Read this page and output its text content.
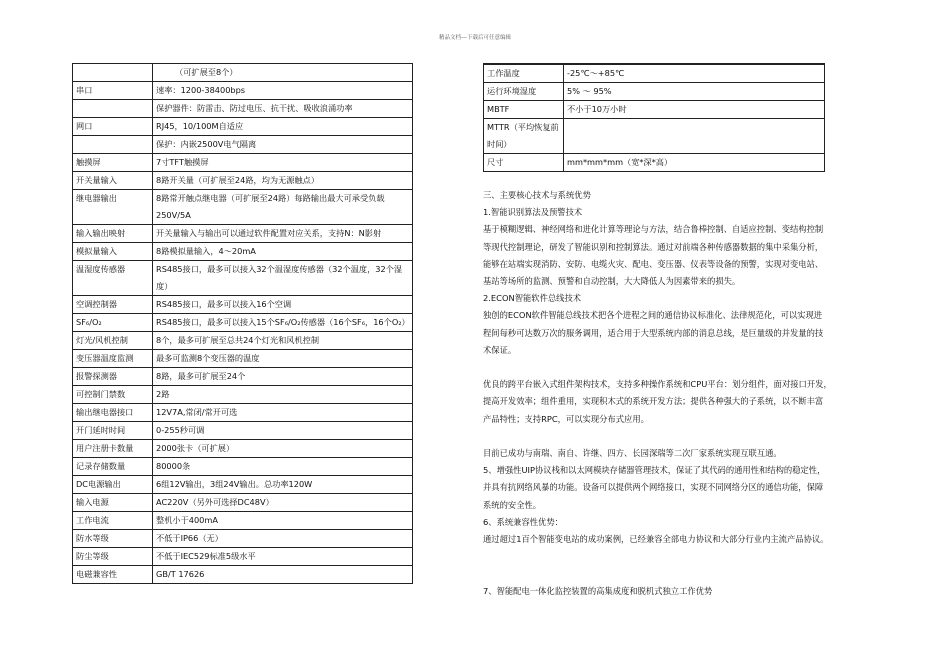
精品文档---下载后可任意编辑
	（可扩展至8个）
串口	速率：1200-38400bps
	保护器件：防雷击、防过电压、抗干扰、吸收浪涌功率
网口	RJ45，10/100M自适应
	保护：内嵌2500V电气隔离
触摸屏	7寸TFT触摸屏
开关量输入	8路开关量（可扩展至24路，均为无源触点）
继电器输出	8路常开触点继电器（可扩展至24路）每路输出最大可承受负载250V/5A
输入输出映射	开关量输入与输出可以通过软件配置对应关系，支持N：N影射
模拟量输入	8路模拟量输入，4～20mA
温湿度传感器	RS485接口，最多可以接入32个温湿度传感器（32个温度，32个湿度）
空调控制器	RS485接口，最多可以接入16个空调
SF₆/O₂	RS485接口，最多可以接入15个SF₆/O₂传感器（16个SF₆，16个O₂）
灯光/风机控制	8个，最多可扩展至总共24个灯光和风机控制
变压器温度监测	最多可监测8个变压器的温度
报警探测器	8路，最多可扩展至24个
可控制门禁数	2路
输出继电器接口	12V7A,常闭/常开可选
开门延时时间	0-255秒可调
用户注册卡数量	2000张卡（可扩展）
记录存储数量	80000条
DC电源输出	6组12V输出，3组24V输出。总功率120W
输入电源	AC220V（另外可选择DC48V）
工作电流	整机小于400mA
防水等级	不低于IP66（无）
防尘等级	不低于IEC529标准5级水平
电磁兼容性	GB/T 17626

工作温度	-25℃～+85℃
运行环境湿度	5% ～ 95%
MBTF	不小于10万小时
MTTR（平均恢复前时间）	
尺寸	mm*mm*mm（宽*深*高）

三、主要核心技术与系统优势

1.智能识别算法及预警技术

基于模糊逻辑、神经网络和进化计算等理论与方法，结合鲁棒控制、自适应控制、变结构控制

等现代控制理论，研发了智能识别和控制算法。通过对前端各种传感器数据的集中采集分析，

能够在站端实现消防、安防、电缆火灾、配电、变压器、仪表等设备的预警，实现对变电站、

基站等场所的监测、预警和自动控制，大大降低人为因素带来的损失。

2.ECON智能软件总线技术

独创的ECON软件智能总线技术把各个进程之间的通信协议标准化、法律规范化，可以实现进

程间每秒可达数万次的服务调用，适合用于大型系统内部的消息总线，是巨量级的并发量的技

术保证。

优良的跨平台嵌入式组件架构技术，支持多种操作系统和CPU平台：划分组件，面对接口开发，

提高开发效率；组件重用，实现积木式的系统开发方法；提供各种强大的子系统，以不断丰富

产品特性；支持RPC，可以实现分布式应用。

目前已成功与南瑞、南自、许继、四方、长园深瑞等二次厂家系统实现互联互通。

5、增强性UIP协议栈和以太网模块存储器管理技术，保证了其代码的通用性和结构的稳定性，

并具有抗网络风暴的功能。设备可以提供两个网络接口，实现不同网络分区的通信功能，保障

系统的安全性。

6、系统兼容性优势：

通过超过1百个智能变电站的成功案例，已经兼容全部电力协议和大部分行业内主流产品协议。

7、智能配电一体化监控装置的高集成度和脱机式独立工作优势
